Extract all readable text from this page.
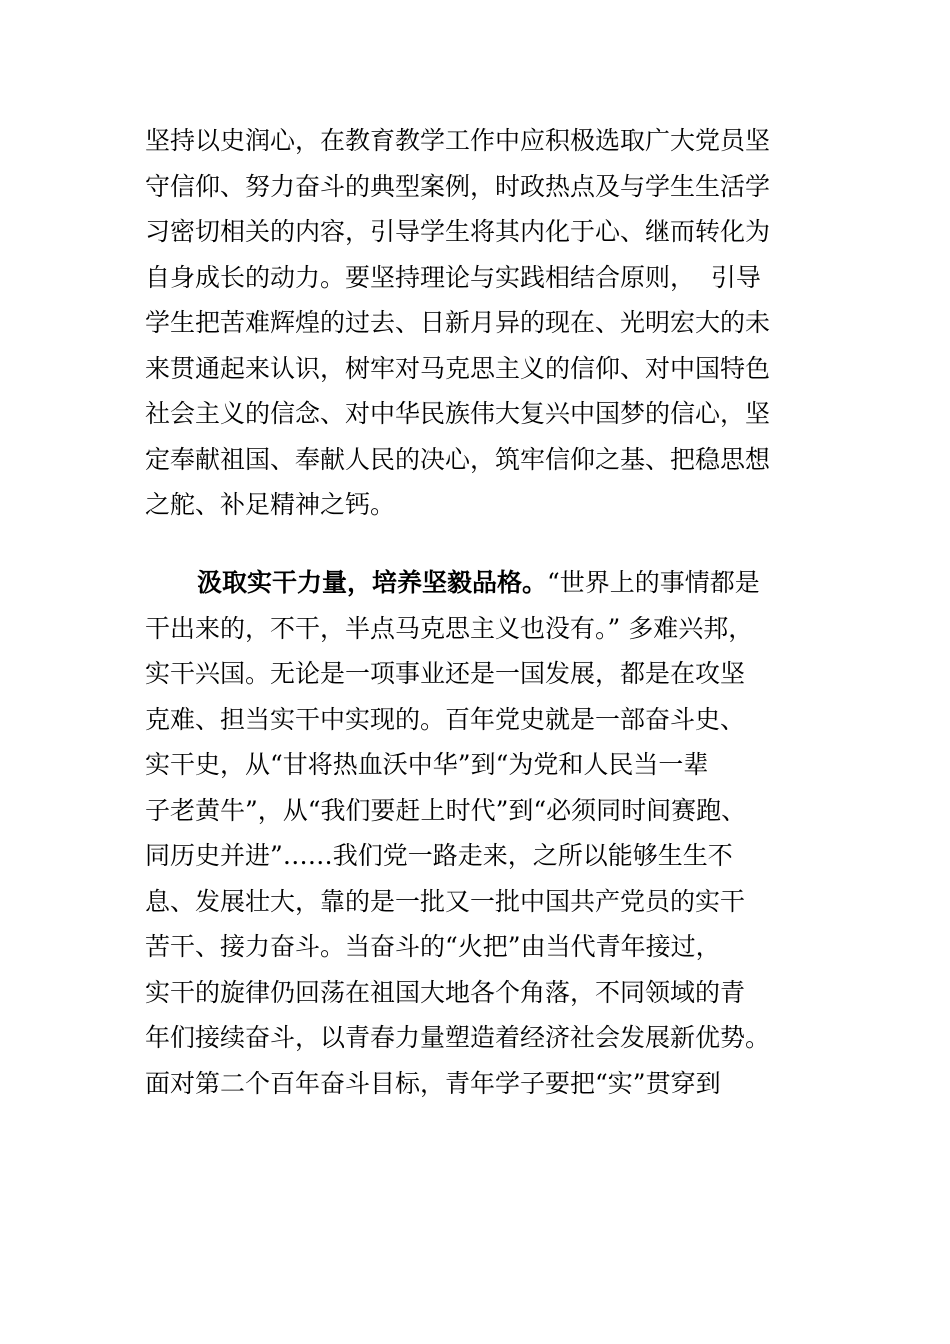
坚持以史润心，在教育教学工作中应积极选取广大党员坚
守信仰、努力奋斗的典型案例，时政热点及与学生生活学
习密切相关的内容，引导学生将其内化于心、继而转化为
自身成长的动力。要坚持理论与实践相结合原则，  引导
学生把苦难辉煌的过去、日新月异的现在、光明宏大的未
来贯通起来认识，树牢对马克思主义的信仰、对中国特色
社会主义的信念、对中华民族伟大复兴中国梦的信心，坚
定奉献祖国、奉献人民的决心，筑牢信仰之基、把稳思想
之舵、补足精神之钙。
汲取实干力量，培养坚毅品格。“世界上的事情都是
干出来的，不干，半点马克思主义也没有。” 多难兴邦，
实干兴国。无论是一项事业还是一国发展，都是在攻坚
克难、担当实干中实现的。百年党史就是一部奋斗史、
实干史，从“甘将热血沃中华”到“为党和人民当一辈
子老黄牛”，从“我们要赶上时代”到“必须同时间赛跑、
同历史并进”……我们党一路走来，之所以能够生生不
息、发展壮大，靠的是一批又一批中国共产党员的实干
苦干、接力奋斗。当奋斗的“火把”由当代青年接过，
实干的旋律仍回荡在祖国大地各个角落，不同领域的青
年们接续奋斗，以青春力量塑造着经济社会发展新优势。
面对第二个百年奋斗目标，青年学子要把“实”贯穿到
